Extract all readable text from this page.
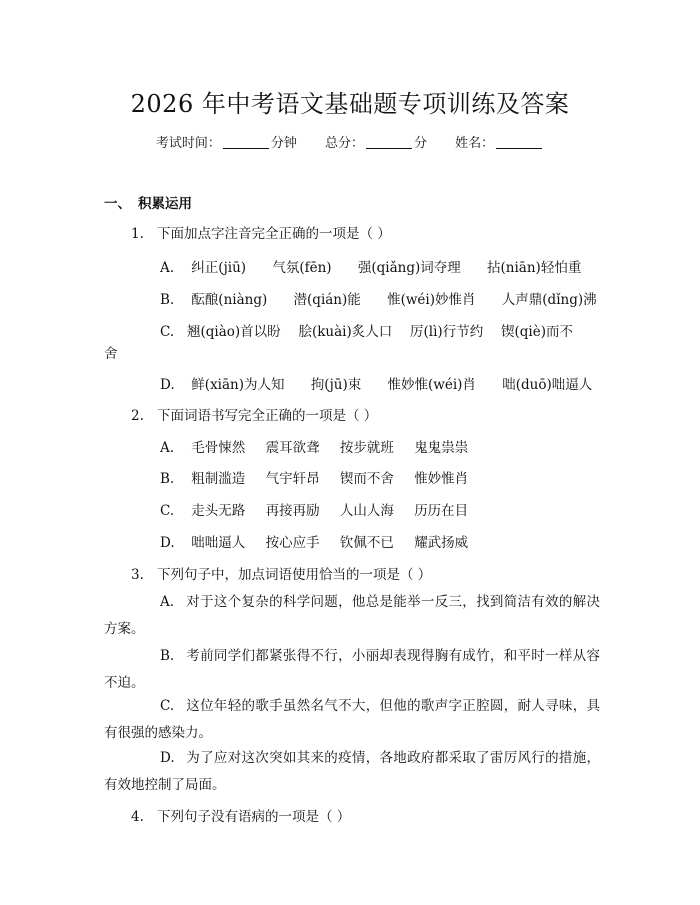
2026 年中考语文基础题专项训练及答案
考试时间：	分钟 总分：	分 姓名：
一、 积累运用
1. 下面加点字注音完全正确的一项是（ ）
A. 纠正(jiū) 气氛(fēn) 强(qiǎng)词夺理 拈(niān)轻怕重
B. 酝酿(niàng) 潜(qián)能 惟(wéi)妙惟肖 人声鼎(dǐng)沸
C. 翘(qiào)首以盼　 脍(kuài)炙人口　 厉(lì)行节约　 锲(qiè)而不
舍
D. 鲜(xiān)为人知 拘(jū)束 惟妙惟(wéi)肖 咄(duō)咄逼人
2. 下面词语书写完全正确的一项是（ ）
A. 毛骨悚然 震耳欲聋 按步就班 鬼鬼祟祟
B. 粗制滥造 气宇轩昂 锲而不舍 惟妙惟肖
C. 走头无路 再接再励 人山人海 历历在目
D. 咄咄逼人 按心应手 钦佩不已 耀武扬威
3. 下列句子中，加点词语使用恰当的一项是（ ）
A. 对于这个复杂的科学问题，他总是能举一反三，找到简洁有效的解决方案。
B. 考前同学们都紧张得不行，小丽却表现得胸有成竹，和平时一样从容不迫。
C. 这位年轻的歌手虽然名气不大，但他的歌声字正腔圆，耐人寻味，具有很强的感染力。
D. 为了应对这次突如其来的疫情，各地政府都采取了雷厉风行的措施，有效地控制了局面。
4. 下列句子没有语病的一项是（ ）
